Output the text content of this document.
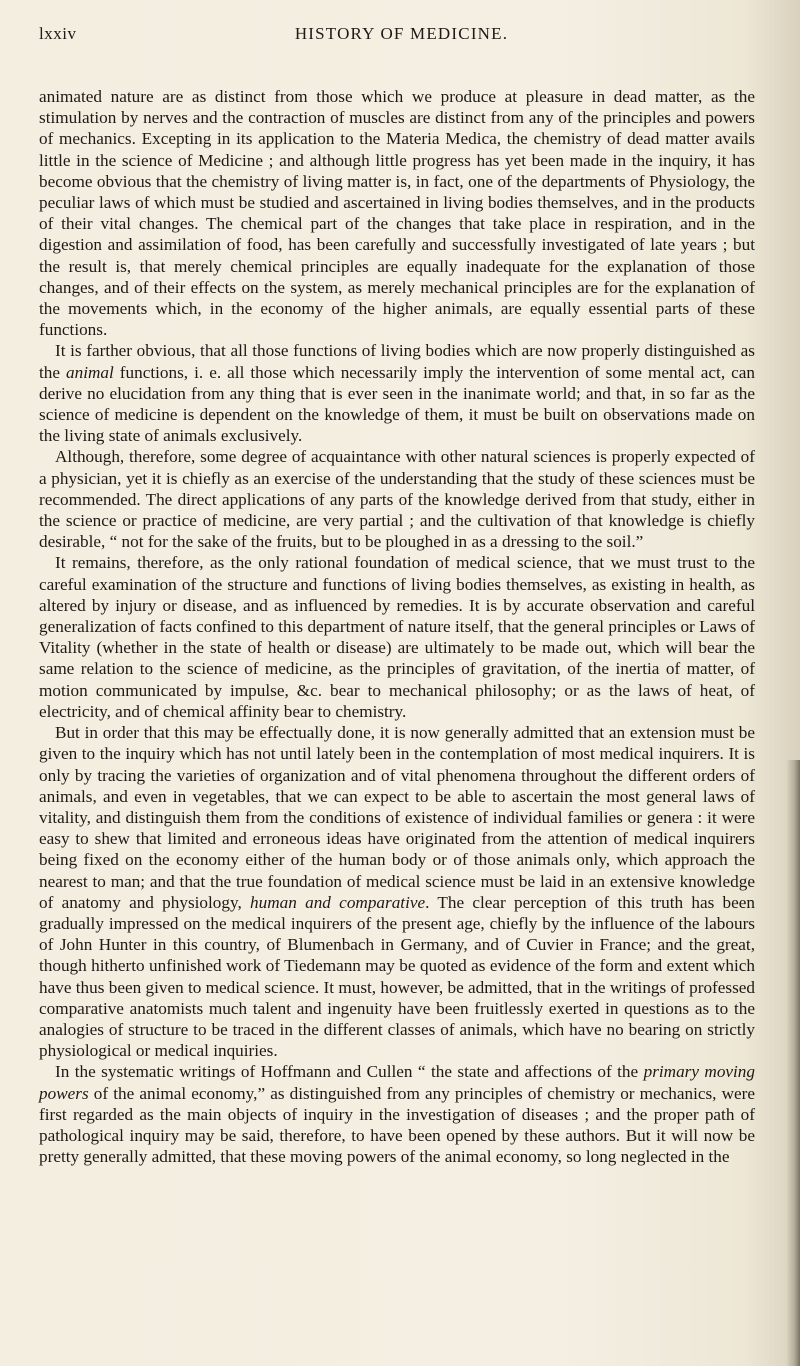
lxxiv	HISTORY OF MEDICINE.

animated nature are as distinct from those which we produce at pleasure in dead matter, as the stimulation by nerves and the contraction of muscles are distinct from any of the principles and powers of mechanics. Excepting in its application to the Materia Medica, the chemistry of dead matter avails little in the science of Medicine ; and although little progress has yet been made in the inquiry, it has become obvious that the chemistry of living matter is, in fact, one of the departments of Physiology, the peculiar laws of which must be studied and ascertained in living bodies themselves, and in the products of their vital changes. The chemical part of the changes that take place in respiration, and in the digestion and assimilation of food, has been carefully and successfully investigated of late years ; but the result is, that merely chemical principles are equally inadequate for the explanation of those changes, and of their effects on the system, as merely mechanical principles are for the explanation of the movements which, in the economy of the higher animals, are equally essential parts of these functions.

It is farther obvious, that all those functions of living bodies which are now properly distinguished as the animal functions, i. e. all those which necessarily imply the intervention of some mental act, can derive no elucidation from any thing that is ever seen in the inanimate world; and that, in so far as the science of medicine is dependent on the knowledge of them, it must be built on observations made on the living state of animals exclusively.

Although, therefore, some degree of acquaintance with other natural sciences is properly expected of a physician, yet it is chiefly as an exercise of the understanding that the study of these sciences must be recommended. The direct applications of any parts of the knowledge derived from that study, either in the science or practice of medicine, are very partial ; and the cultivation of that knowledge is chiefly desirable, “ not for the sake of the fruits, but to be ploughed in as a dressing to the soil.”

It remains, therefore, as the only rational foundation of medical science, that we must trust to the careful examination of the structure and functions of living bodies themselves, as existing in health, as altered by injury or disease, and as influenced by remedies. It is by accurate observation and careful generalization of facts confined to this department of nature itself, that the general principles or Laws of Vitality (whether in the state of health or disease) are ultimately to be made out, which will bear the same relation to the science of medicine, as the principles of gravitation, of the inertia of matter, of motion communicated by impulse, &c. bear to mechanical philosophy; or as the laws of heat, of electricity, and of chemical affinity bear to chemistry.

But in order that this may be effectually done, it is now generally admitted that an extension must be given to the inquiry which has not until lately been in the contemplation of most medical inquirers. It is only by tracing the varieties of organization and of vital phenomena throughout the different orders of animals, and even in vegetables, that we can expect to be able to ascertain the most general laws of vitality, and distinguish them from the conditions of existence of individual families or genera : it were easy to shew that limited and erroneous ideas have originated from the attention of medical inquirers being fixed on the economy either of the human body or of those animals only, which approach the nearest to man; and that the true foundation of medical science must be laid in an extensive knowledge of anatomy and physiology, human and comparative. The clear perception of this truth has been gradually impressed on the medical inquirers of the present age, chiefly by the influence of the labours of John Hunter in this country, of Blumenbach in Germany, and of Cuvier in France; and the great, though hitherto unfinished work of Tiedemann may be quoted as evidence of the form and extent which have thus been given to medical science. It must, however, be admitted, that in the writings of professed comparative anatomists much talent and ingenuity have been fruitlessly exerted in questions as to the analogies of structure to be traced in the different classes of animals, which have no bearing on strictly physiological or medical inquiries.

In the systematic writings of Hoffmann and Cullen “ the state and affections of the primary moving powers of the animal economy,” as distinguished from any principles of chemistry or mechanics, were first regarded as the main objects of inquiry in the investigation of diseases ; and the proper path of pathological inquiry may be said, therefore, to have been opened by these authors. But it will now be pretty generally admitted, that these moving powers of the animal economy, so long neglected in the
